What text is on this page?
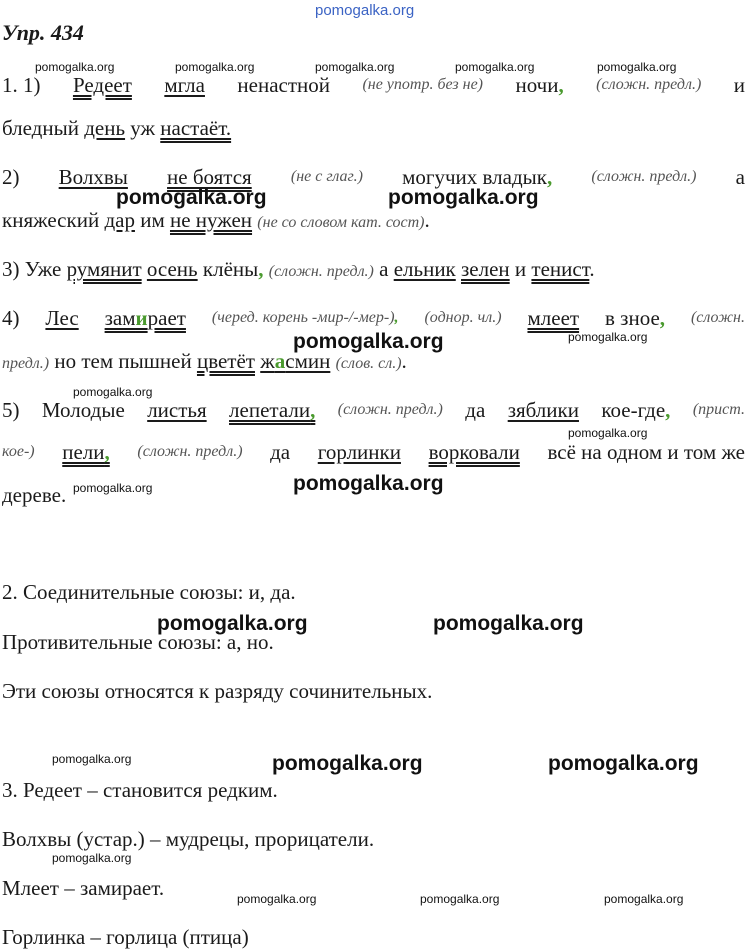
pomogalka.org
Упр. 434
pomogalka.org	pomogalka.org	pomogalka.org	pomogalka.org	pomogalka.org
1. 1) Редеет мгла ненастной (не употр. без не) ночи, (сложн. предл.) и
бледный день уж настаёт.
2) Волхвы не боятся (не с глаг.) могучих владык, (сложн. предл.) а
княжеский дар им не нужен (не со словом кат. сост).
pomogalka.org	pomogalka.org
3) Уже румянит осень клёны, (сложн. предл.) а ельник зелен и тенист.
4) Лес замирает (черед. корень -мир-/-мер-), (однор. чл.) млеет в зное, (сложн.
предл.) но тем пышней цветёт жасмин (слов. сл.).
pomogalka.org
pomogalka.org
pomogalka.org
5) Молодые листья лепетали, (сложн. предл.) да зяблики кое-где, (прист.
кое-) пели, (сложн. предл.) да горлинки ворковали всё на одном и том же
дереве.
pomogalka.org
pomogalka.org	pomogalka.org
2. Соединительные союзы: и, да.
pomogalka.org	pomogalka.org
Противительные союзы: а, но.
Эти союзы относятся к разряду сочинительных.
pomogalka.org	pomogalka.org	pomogalka.org
3. Редеет – становится редким.
Волхвы (устар.) – мудрецы, прорицатели.
pomogalka.org
Млеет – замирает.	pomogalka.org	pomogalka.org	pomogalka.org
Горлинка – горлица (птица)
